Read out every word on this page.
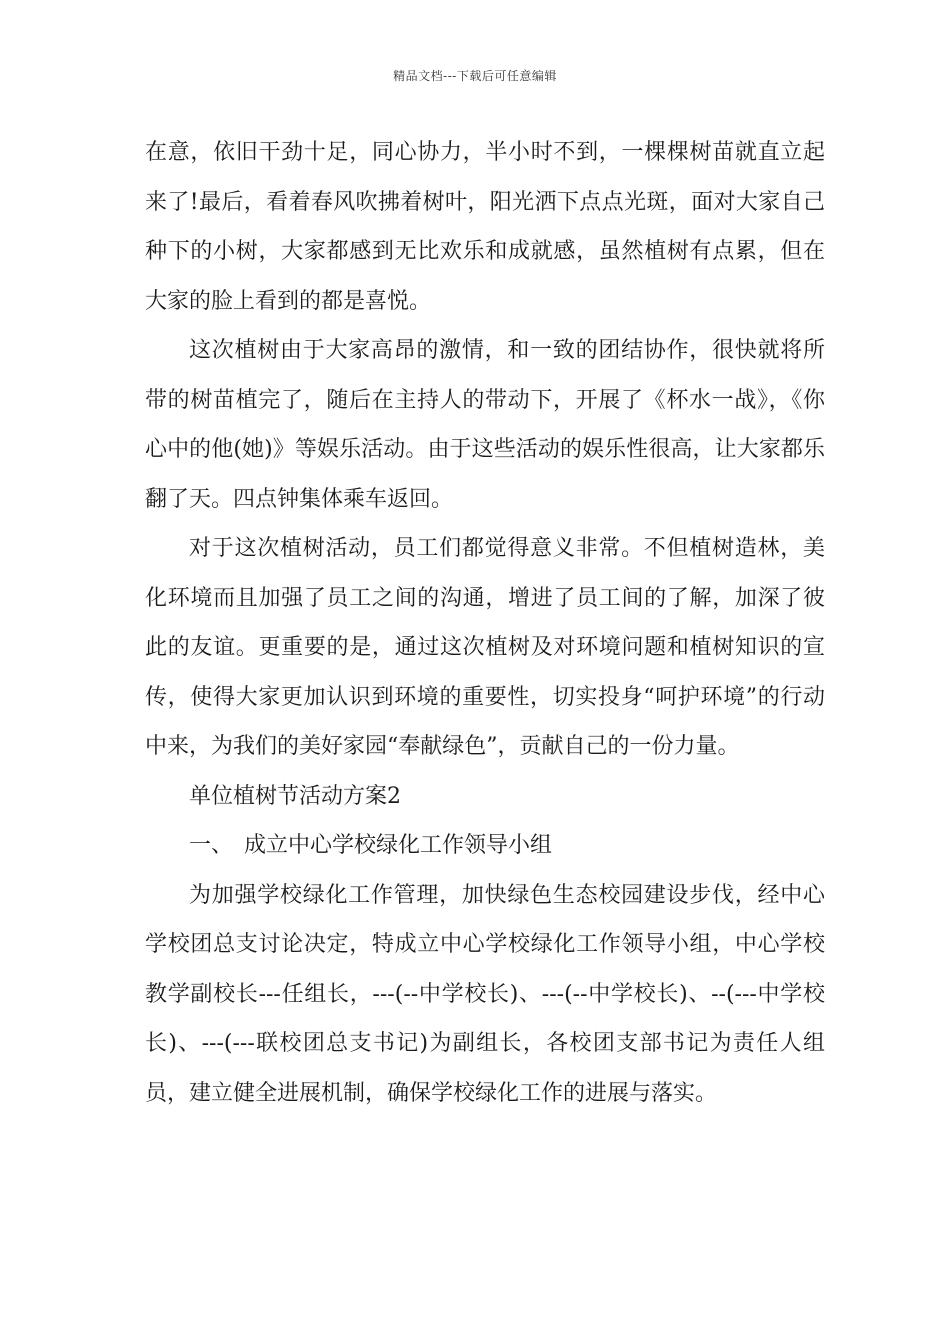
精品文档---下载后可任意编辑

在意，依旧干劲十足，同心协力，半小时不到，一棵棵树苗就直立起来了!最后，看着春风吹拂着树叶，阳光洒下点点光斑，面对大家自己种下的小树，大家都感到无比欢乐和成就感，虽然植树有点累，但在大家的脸上看到的都是喜悦。

这次植树由于大家高昂的激情，和一致的团结协作，很快就将所带的树苗植完了，随后在主持人的带动下，开展了《杯水一战》，《你心中的他(她)》等娱乐活动。由于这些活动的娱乐性很高，让大家都乐翻了天。四点钟集体乘车返回。

对于这次植树活动，员工们都觉得意义非常。不但植树造林，美化环境而且加强了员工之间的沟通，增进了员工间的了解，加深了彼此的友谊。更重要的是，通过这次植树及对环境问题和植树知识的宣传，使得大家更加认识到环境的重要性，切实投身“呵护环境”的行动中来，为我们的美好家园“奉献绿色”，贡献自己的一份力量。

单位植树节活动方案2

一、　成立中心学校绿化工作领导小组

为加强学校绿化工作管理，加快绿色生态校园建设步伐，经中心学校团总支讨论决定，特成立中心学校绿化工作领导小组，中心学校教学副校长---任组长，---(--中学校长)、---(--中学校长)、--(---中学校长)、---(---联校团总支书记)为副组长，各校团支部书记为责任人组员，建立健全进展机制，确保学校绿化工作的进展与落实。
